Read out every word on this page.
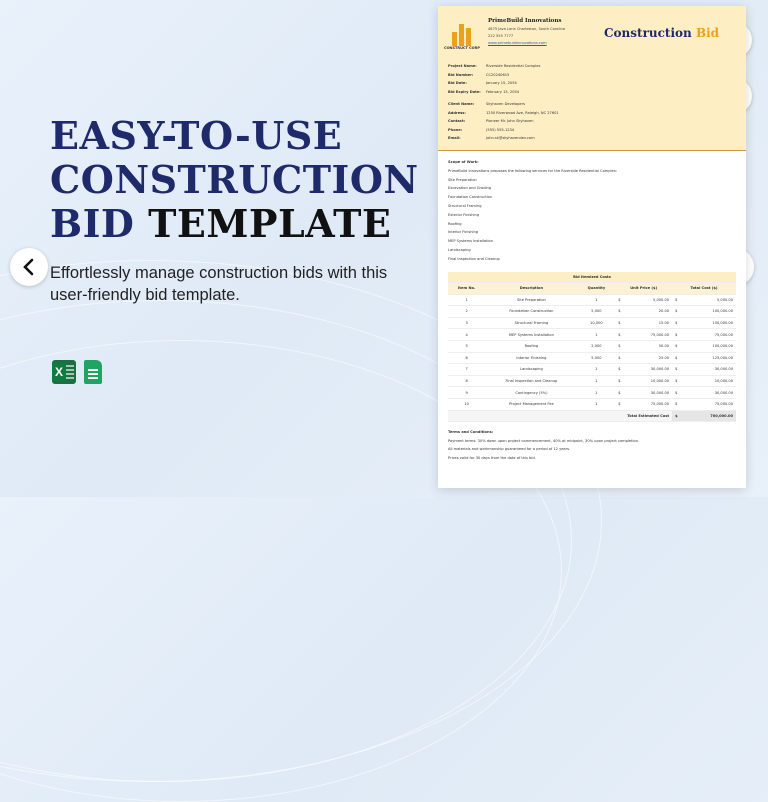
EASY-TO-USE
CONSTRUCTION
BID TEMPLATE
Effortlessly manage construction bids with this user-friendly bid template.
X
CONSTRUCT CORP
PrimeBuild Innovations
4875 Java Lane Charleston, South Carolina
222 555 7777
www.primebuildinnovations.com
Construction Bid
Project Name:	Riverside Residential Complex
Bid Number:	CC20240615
Bid Date:	January 15, 2054
Bid Expiry Date: February 15, 2054
Client Name:	Skyhaven Developers
Address:	1250 Riverwood Ave, Raleigh, NC 27601
Contact:	Pioneer Mr. John Skyhaven
Phone:	(555) 555-1234
Email:	john.sk@skyhavendev.com
Scope of Work:
PrimeBuild Innovations proposes the following services for the Riverside Residential Complex:
Site Preparation
Excavation and Grading
Foundation Construction
Structural Framing
Exterior Finishing
Roofing
Interior Finishing
MEP Systems Installation
Landscaping
Final Inspection and Cleanup
Bid Itemized Costs						
Item No.	Description	Quantity	Unit Price ($)		Total Cost ($)	
1	Site Preparation	1	$	5,000.00	$	5,000.00
2	Foundation Construction	5,000	$	20.00	$	100,000.00
3	Structural Framing	10,000	$	15.00	$	150,000.00
4	MEP Systems Installation	1	$	75,000.00	$	75,000.00
5	Roofing	2,000	$	50.00	$	100,000.00
6	Interior Finishing	5,000	$	25.00	$	125,000.00
7	Landscaping	1	$	30,000.00	$	30,000.00
8	Final Inspection and Cleanup	1	$	10,000.00	$	10,000.00
9	Contingency (5%)	1	$	30,000.00	$	30,000.00
10	Project Management Fee	1	$	75,000.00	$	75,000.00
Total Estimated Cost					$	700,000.00
Terms and Conditions:
Payment terms: 30% down upon project commencement, 40% at midpoint, 30% upon project completion.
All materials and workmanship guaranteed for a period of 12 years.
Prices valid for 30 days from the date of this bid.
